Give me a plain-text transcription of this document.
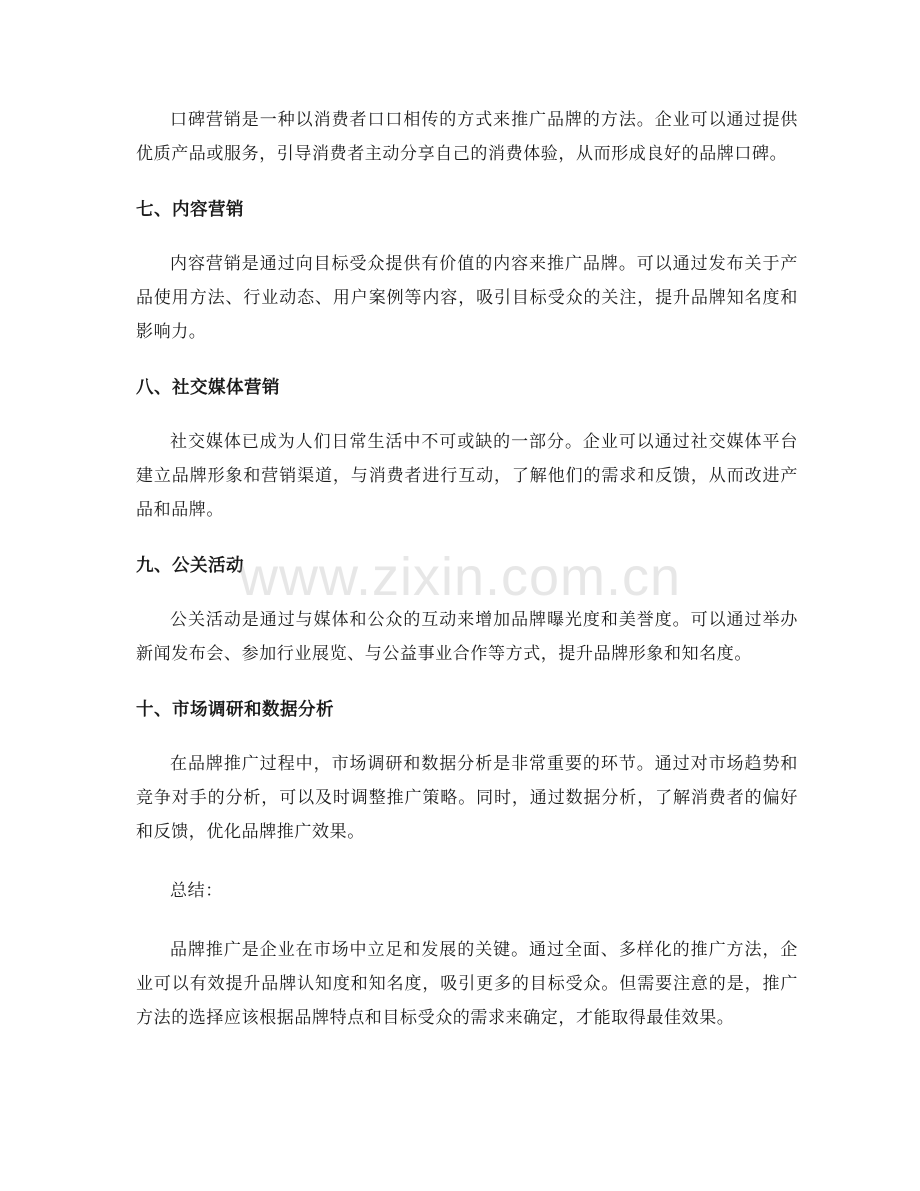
口碑营销是一种以消费者口口相传的方式来推广品牌的方法。企业可以通过提供优质产品或服务，引导消费者主动分享自己的消费体验，从而形成良好的品牌口碑。

七、内容营销

内容营销是通过向目标受众提供有价值的内容来推广品牌。可以通过发布关于产品使用方法、行业动态、用户案例等内容，吸引目标受众的关注，提升品牌知名度和影响力。

八、社交媒体营销

社交媒体已成为人们日常生活中不可或缺的一部分。企业可以通过社交媒体平台建立品牌形象和营销渠道，与消费者进行互动，了解他们的需求和反馈，从而改进产品和品牌。

九、公关活动

公关活动是通过与媒体和公众的互动来增加品牌曝光度和美誉度。可以通过举办新闻发布会、参加行业展览、与公益事业合作等方式，提升品牌形象和知名度。

十、市场调研和数据分析

在品牌推广过程中，市场调研和数据分析是非常重要的环节。通过对市场趋势和竞争对手的分析，可以及时调整推广策略。同时，通过数据分析，了解消费者的偏好和反馈，优化品牌推广效果。

总结：

品牌推广是企业在市场中立足和发展的关键。通过全面、多样化的推广方法，企业可以有效提升品牌认知度和知名度，吸引更多的目标受众。但需要注意的是，推广方法的选择应该根据品牌特点和目标受众的需求来确定，才能取得最佳效果。

www.zixin.com.cn
